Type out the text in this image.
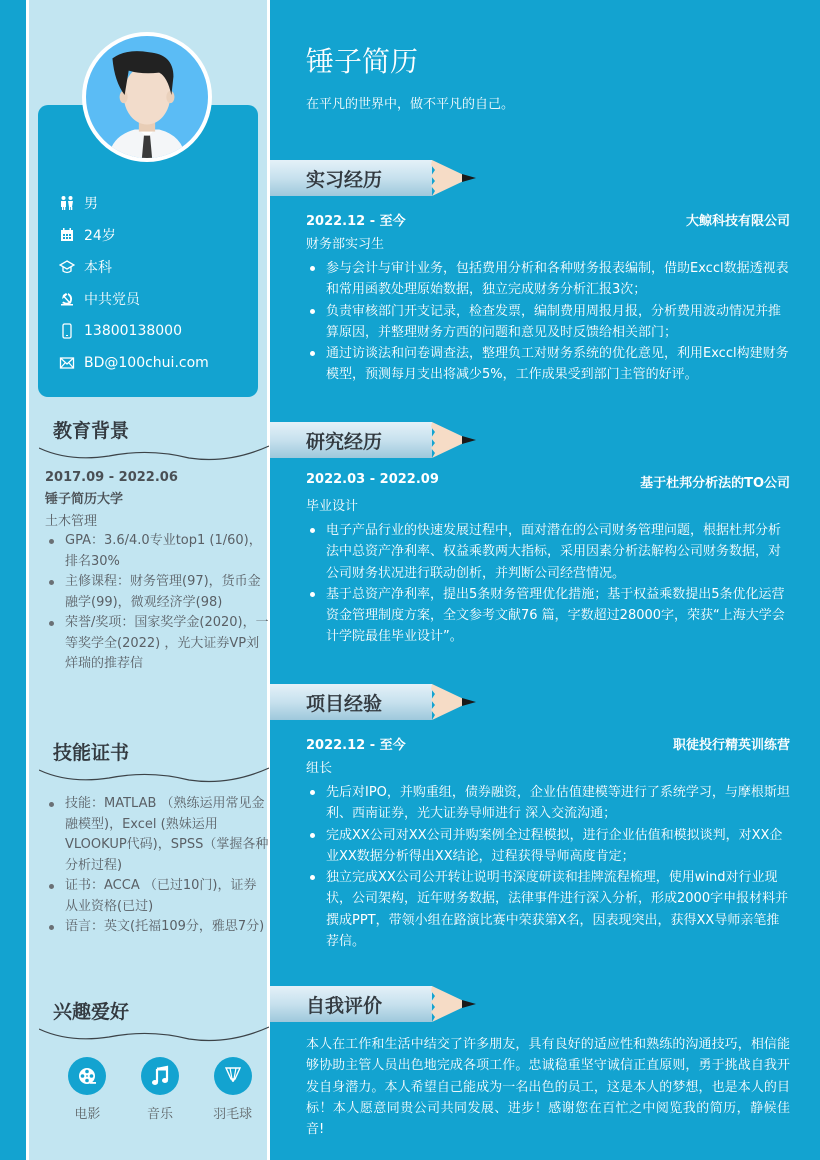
男
24岁
本科
中共党员
13800138000
BD@100chui.com
教育背景
2017.09 - 2022.06
锤子简历大学
土木管理
GPA：3.6/4.0专业top1 (1/60)，排名30%
主修课程：财务管理(97)，货币金融学(99)，微观经济学(98)
荣誉/奖项：国家奖学金(2020)，一等奖学全(2022) ，光大证券VP刘烊瑞的推荐信
技能证书
技能：MATLAB （熟练运用常见金融模型)，Excel (熟妹运用VLOOKUP代码)，SPSS（掌握各种分析过程)
证书：ACCA （已过10门)，证券从业资格(已过)
语言：英文(托福109分，雅思7分)
兴趣爱好
电影	音乐	羽毛球
锤子简历
在平凡的世界中，做不平凡的自己。
实习经历
2022.12 - 至今	大鲸科技有限公司
财务部实习生
参与会计与审计业务，包括费用分析和各种财务报表编制，借助Exccl数据透视表和常用函教处理原始数据，独立完成财务分析汇报3次；
负责审核部门开支记录，检查发票，编制费用周报月报，分析费用波动情况并推算原因，并整理财务方西的问题和意见及时反馈给相关部门；
通过访谈法和问卷调查法，整理负工对财务系统的优化意见，利用Exccl构建财务模型，预测每月支出将减少5%，工作成果受到部门主管的好评。
研究经历
2022.03 - 2022.09	基于杜邦分析法的TO公司
毕业设计
电子产品行业的快速发展过程中，面对潜在的公司财务管理问题，根据杜邦分析法中总资产净利率、权益乘教两大指标，采用因素分析法解构公司财务数据，对公司财务状况进行联动创析，并判断公司经营情况。
基于总资产净利率，提出5条财务管理优化措施；基于权益乘数提出5条优化运营资金管理制度方案，全文参考文献76 篇，字数超过28000字，荣获“上海大学会计学院最佳毕业设计”。
项目经验
2022.12 - 至今	职徒投行精英训练营
组长
先后对IPO，并购重组，债券融资，企业估值建模等进行了系统学习，与摩根斯坦利、西南证券，光大证券导师进行 深入交流沟通；
完成XX公司对XX公司并购案例全过程模拟，进行企业估值和模拟谈判，对XX企业XX数据分析得出XX结论，过程获得导师高度肯定；
独立完成XX公司公开转让说明书深度研读和挂牌流程梳理，使用wind对行业现状，公司架构，近年财务数据，法律事件进行深入分析，形成2000字申报材料并撰成PPT，带领小组在路演比赛中荣获第X名，因表现突出，获得XX导师亲笔推荐信。
自我评价
本人在工作和生活中结交了许多朋友，具有良好的适应性和熟练的沟通技巧，相信能够协助主管人员出色地完成各项工作。忠诚稳重坚守诚信正直原则，勇于挑战自我开发自身潜力。本人希望自己能成为一名出色的员工，这是本人的梦想，也是本人的目标！本人愿意同贵公司共同发展、进步！感谢您在百忙之中阅览我的简历，静候佳音!
